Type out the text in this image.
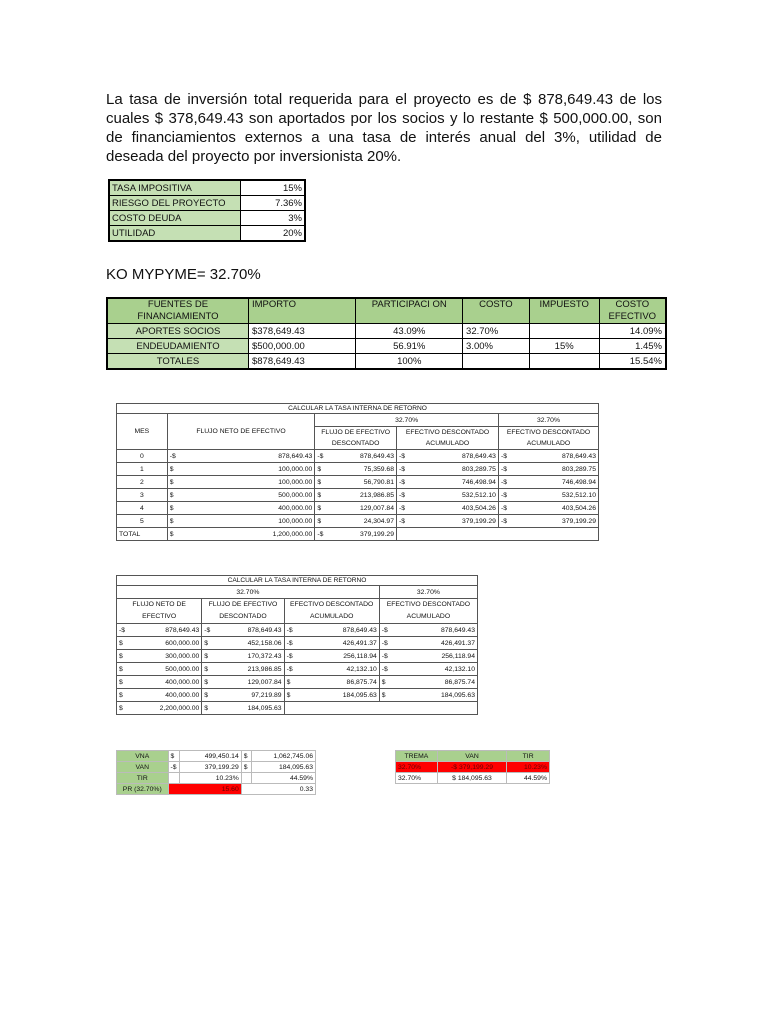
La tasa de inversión total requerida para el proyecto es de $ 878,649.43 de los cuales $ 378,649.43 son aportados por los socios y lo restante $ 500,000.00, son de financiamientos externos a una tasa de interés anual del 3%, utilidad de deseada del proyecto por inversionista 20%.

TASA IMPOSITIVA	15%
RIESGO DEL PROYECTO	7.36%
COSTO DEUDA	3%
UTILIDAD	20%

KO MYPYME= 32.70%

FUENTES DE FINANCIAMIENTO	IMPORTO	PARTICIPACI ON	COSTO	IMPUESTO	COSTO EFECTIVO
APORTES SOCIOS	$378,649.43	43.09%	32.70%		14.09%
ENDEUDAMIENTO	$500,000.00	56.91%	3.00%	15%	1.45%
TOTALES	$878,649.43	100%			15.54%
CALCULAR LA TASA INTERNA DE RETORNO								
MES	FLUJO NETO DE EFECTIVO		32.70%				32.70%	
			FLUJO DE EFECTIVO DESCONTADO		EFECTIVO DESCONTADO ACUMULADO		EFECTIVO DESCONTADO ACUMULADO	

0	-$	878,649.43	-$	878,649.43	-$	878,649.43	-$	878,649.43
1	$	100,000.00	$	75,359.68	-$	803,289.75	-$	803,289.75
2	$	100,000.00	$	56,790.81	-$	746,498.94	-$	746,498.94
3	$	500,000.00	$	213,986.85	-$	532,512.10	-$	532,512.10
4	$	400,000.00	$	129,007.84	-$	403,504.26	-$	403,504.26
5	$	100,000.00	$	24,304.97	-$	379,199.29	-$	379,199.29
TOTAL	$	1,200,000.00	-$	379,199.29				
CALCULAR LA TASA INTERNA DE RETORNO							
32.70%						32.70%	
FLUJO NETO DE EFECTIVO		FLUJO DE EFECTIVO DESCONTADO		EFECTIVO DESCONTADO ACUMULADO		EFECTIVO DESCONTADO ACUMULADO	
-$	878,649.43	-$	878,649.43	-$	878,649.43	-$	878,649.43
$	600,000.00	$	452,158.06	-$	426,491.37	-$	426,491.37
$	300,000.00	$	170,372.43	-$	256,118.94	-$	256,118.94
$	500,000.00	$	213,986.85	-$	42,132.10	-$	42,132.10
$	400,000.00	$	129,007.84	$	86,875.74	$	86,875.74
$	400,000.00	$	97,219.89	$	184,095.63	$	184,095.63
$	2,200,000.00	$	184,095.63				
VNA	$	499,450.14	$	1,062,745.06
VAN	-$	379,199.29	$	184,095.63
TIR		10.23%		44.59%
PR (32.70%)	15.60		0.33	
TREMA	VAN	TIR
32.70%	-$ 379,199.29	10.23%
32.70%	$ 184,095.63	44.59%
